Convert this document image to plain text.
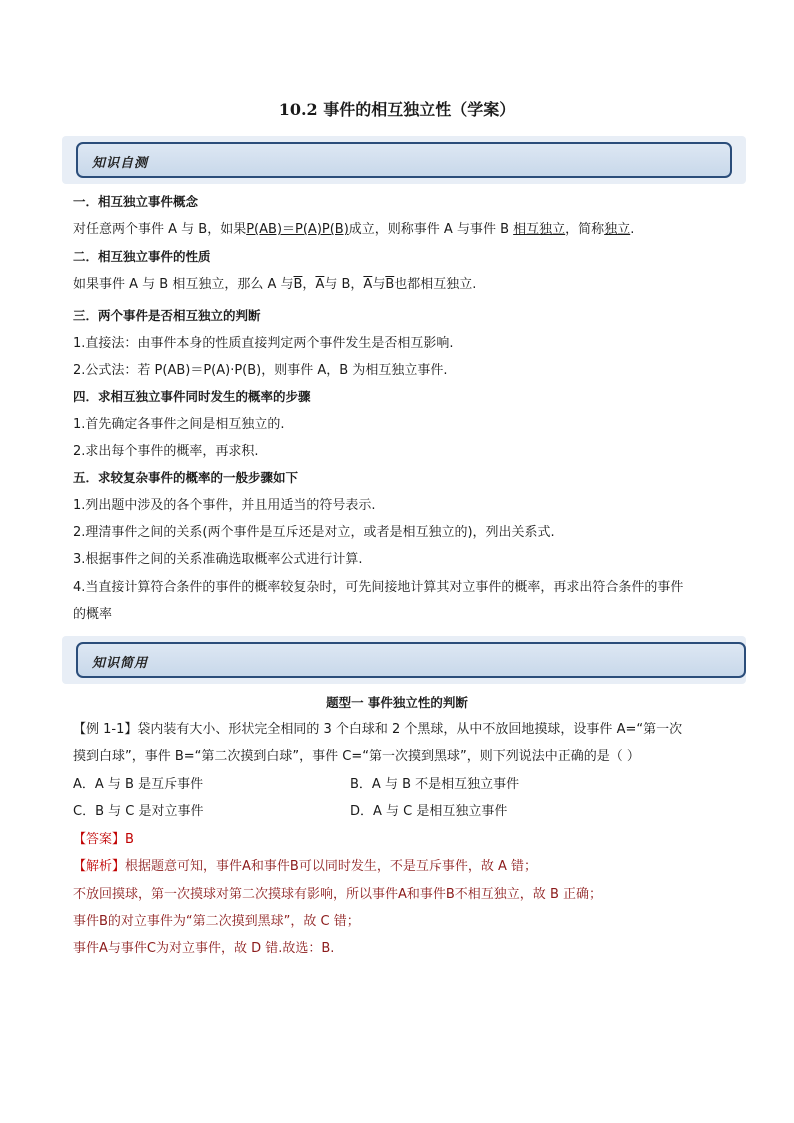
10.2 事件的相互独立性（学案）
知识自测
一．相互独立事件概念
对任意两个事件 A 与 B，如果P(AB)＝P(A)P(B)成立，则称事件 A 与事件 B 相互独立，简称独立.
二．相互独立事件的性质
如果事件 A 与 B 相互独立，那么 A 与$\overline{B}$，$\overline{A}$与 B，$\overline{A}$与$\overline{B}$也都相互独立.
三．两个事件是否相互独立的判断
1.直接法：由事件本身的性质直接判定两个事件发生是否相互影响.
2.公式法：若 P(AB)＝P(A)·P(B)，则事件 A，B 为相互独立事件.
四．求相互独立事件同时发生的概率的步骤
1.首先确定各事件之间是相互独立的.
2.求出每个事件的概率，再求积.
五．求较复杂事件的概率的一般步骤如下
1.列出题中涉及的各个事件，并且用适当的符号表示.
2.理清事件之间的关系(两个事件是互斥还是对立，或者是相互独立的)，列出关系式.
3.根据事件之间的关系准确选取概率公式进行计算.
4.当直接计算符合条件的事件的概率较复杂时，可先间接地计算其对立事件的概率，再求出符合条件的事件
的概率
知识简用
题型一 事件独立性的判断
【例 1-1】袋内装有大小、形状完全相同的 3 个白球和 2 个黑球，从中不放回地摸球，设事件 A=“第一次
摸到白球”，事件 B=“第二次摸到白球”，事件 C=“第一次摸到黑球”，则下列说法中正确的是（ ）
A．A 与 B 是互斥事件	B．A 与 B 不是相互独立事件
C．B 与 C 是对立事件	D．A 与 C 是相互独立事件
【答案】B
【解析】根据题意可知，事件A和事件B可以同时发生，不是互斥事件，故 A 错；
不放回摸球，第一次摸球对第二次摸球有影响，所以事件A和事件B不相互独立，故 B 正确；
事件B的对立事件为“第二次摸到黑球”，故 C 错；
事件A与事件C为对立事件，故 D 错.故选：B.
